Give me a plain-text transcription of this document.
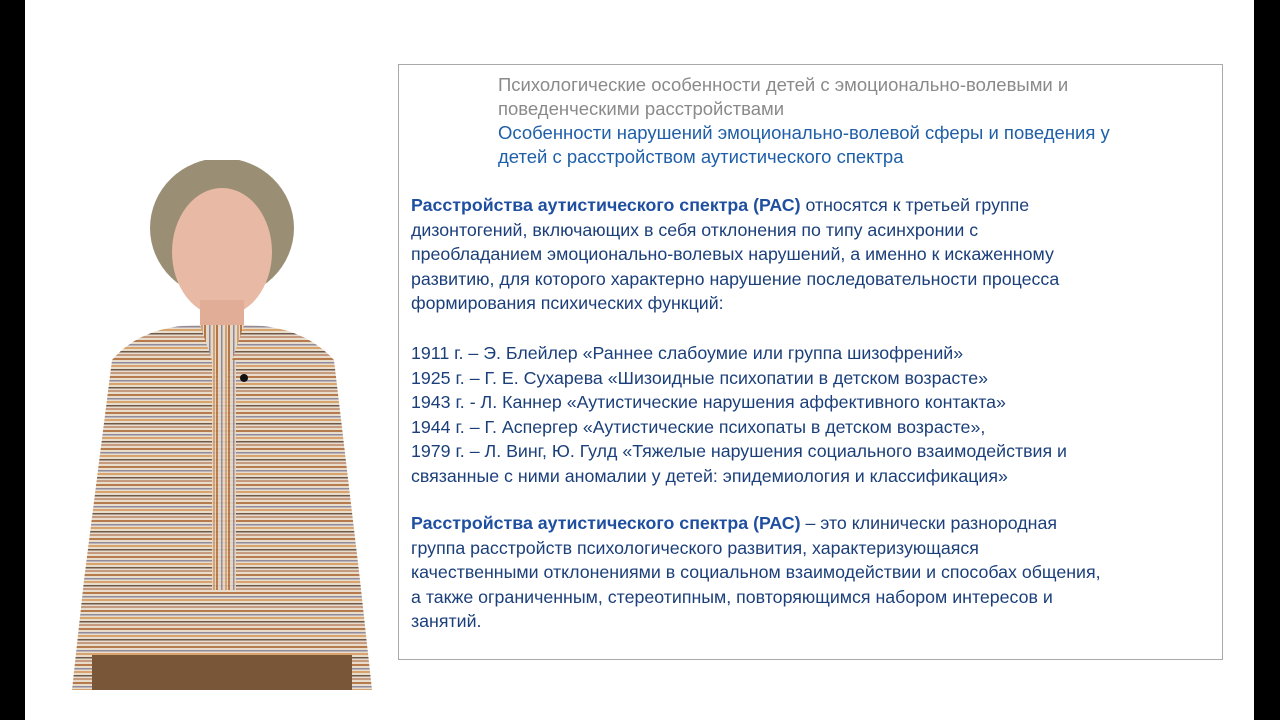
Психологические особенности детей с эмоционально-волевыми и
поведенческими расстройствами
Особенности нарушений эмоционально-волевой сферы и поведения у
детей с расстройством аутистического спектра
Расстройства аутистического спектра (РАС) относятся к третьей группе
дизонтогений, включающих в себя отклонения по типу асинхронии с
преобладанием эмоционально-волевых нарушений, а именно к искаженному
развитию, для которого характерно нарушение последовательности процесса
формирования психических функций:
1911 г. – Э. Блейлер «Раннее слабоумие или группа шизофрений»
1925 г. – Г. Е. Сухарева «Шизоидные психопатии в детском возрасте»
1943 г. - Л. Каннер «Аутистические нарушения аффективного контакта»
1944 г. – Г. Аспергер «Аутистические психопаты в детском возрасте»,
1979 г. – Л. Винг, Ю. Гулд «Тяжелые нарушения социального взаимодействия и
связанные с ними аномалии у детей: эпидемиология и классификация»
Расстройства аутистического спектра (РАС) – это клинически разнородная
группа расстройств психологического развития, характеризующаяся
качественными отклонениями в социальном взаимодействии и способах общения,
а также ограниченным, стереотипным, повторяющимся набором интересов и
занятий.
